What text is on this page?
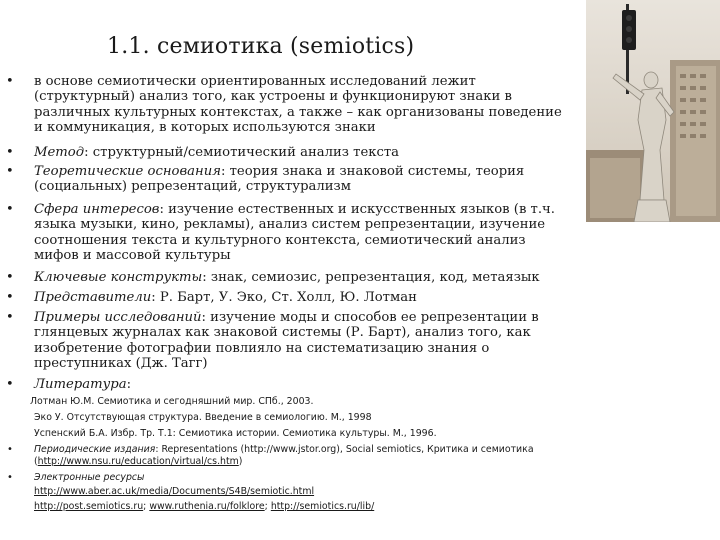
1.1. семиотика (semiotics)
• в основе семиотически ориентированных исследований лежит (структурный) анализ того, как устроены и функционируют знаки в различных культурных контекстах, а также – как организованы поведение и коммуникация, в которых используются знаки
• Метод: структурный/семиотический анализ текста
• Теоретические основания: теория знака и знаковой системы, теория (социальных) репрезентаций, структурализм
• Сфера интересов: изучение естественных и искусственных языков (в т.ч. языка музыки, кино, рекламы), анализ систем репрезентации, изучение соотношения текста и культурного контекста, семиотический анализ мифов и массовой культуры
• Ключевые конструкты: знак, семиозис, репрезентация, код, метаязык
• Представители: Р. Барт, У. Эко, Ст. Холл, Ю. Лотман
• Примеры исследований: изучение моды и способов ее репрезентации в глянцевых журналах как знаковой системы (Р. Барт), анализ того, как изобретение фотографии повлияло на систематизацию знания о преступниках (Дж. Тагг)
• Литература:
Лотман Ю.М. Семиотика и сегодняшний мир. СПб., 2003.
Эко У. Отсутствующая структура. Введение в семиологию. М., 1998
Успенский Б.А. Избр. Тр. Т.1: Семиотика истории. Семиотика культуры. М., 1996.
• Периодические издания: Representations (http://www.jstor.org), Social semiotics, Критика и семиотика (http://www.nsu.ru/education/virtual/cs.htm)
• Электронные ресурсы
http://www.aber.ac.uk/media/Documents/S4B/semiotic.html
http://post.semiotics.ru; www.ruthenia.ru/folklore; http://semiotics.ru/lib/
